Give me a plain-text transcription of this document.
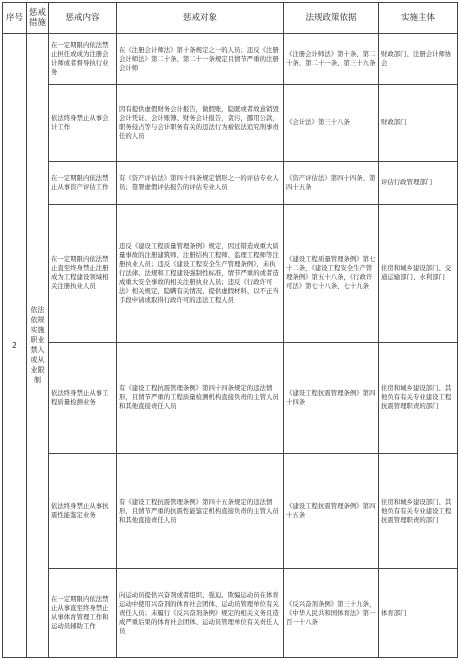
序号	惩戒措施	惩戒内容	惩戒对象	法规政策依据	实施主体
2	依法依规实施职业禁入或从业限制	在一定期限内依法禁止担任或成为注册会计师或者督导执行业务	在《注册会计师法》第十条规定之一的人员；违反《注册会计师法》第二十条、第二十一条规定且情节严重的注册会计师	《注册会计师法》第十条、第二十条、第二十一条、第三十九条	财政部门、注册会计师协会
		依法终身禁止从事会计工作	因有提供虚假财务会计报告，做假账，隐匿或者故意销毁会计凭证、会计账簿、财务会计报告，贪污，挪用公款，职务侵占等与会计职务有关的违法行为被依法追究刑事责任的人员	《会计法》第三十八条	财政部门
		在一定期限内依法禁止从事资产评估工作	有《资产评估法》第四十四条规定情形之一的评估专业人员；签署虚假评估报告的评估专业人员	《资产评估法》第四十四条、第四十五条	评估行政管理部门
		在一定期限内依法禁止直至终身禁止注册成为工程建设领域相关注册执业人员	违反《建设工程质量管理条例》规定，因过错造成重大质量事故的注册建筑师、注册结构工程师、监理工程师等注册执业人员；违反《建设工程安全生产管理条例》，未执行法律、法规和工程建设强制性标准，情节严重的或者造成重大安全事故的相关注册执业人员；违反《行政许可法》相关规定，隐瞒有关情况、提供虚假材料、以不正当手段申请或取得行政许可的违法工程人员	《建设工程质量管理条例》第七十二条，《建设工程安全生产管理条例》第五十八条，《行政许可法》第七十八条、七十九条	住房和城乡建设部门、交通运输部门、水利部门
		依法终身禁止从事工程质量检测业务	有《建设工程抗震管理条例》第四十四条规定的违法情形，且情节严重的工程质量检测机构直接负责的主管人员和其他直接责任人员	《建设工程抗震管理条例》第四十四条	住房和城乡建设部门、其他负有有关专业建设工程抗震管理职责的部门
		依法终身禁止从事抗震性能鉴定业务	有《建设工程抗震管理条例》第四十五条规定的违法情形，且情节严重的抗震性能鉴定机构直接负责的主管人员和其他直接责任人员	《建设工程抗震管理条例》第四十五条	住房和城乡建设部门、其他负有有关专业建设工程抗震管理职责的部门
		在一定期限内依法禁止从事直至终身禁止从事体育管理工作和运动员辅助工作	向运动员提供兴奋剂或者组织、强迫、欺骗运动员在体育运动中使用兴奋剂的体育社会团体、运动员管理单位有关责任人员；未履行《反兴奋剂条例》规定的相关义务且造成严重后果的体育社会团体、运动员管理单位有关责任人员	《反兴奋剂条例》第三十九条，《中华人民共和国体育法》第一百一十八条	体育部门
